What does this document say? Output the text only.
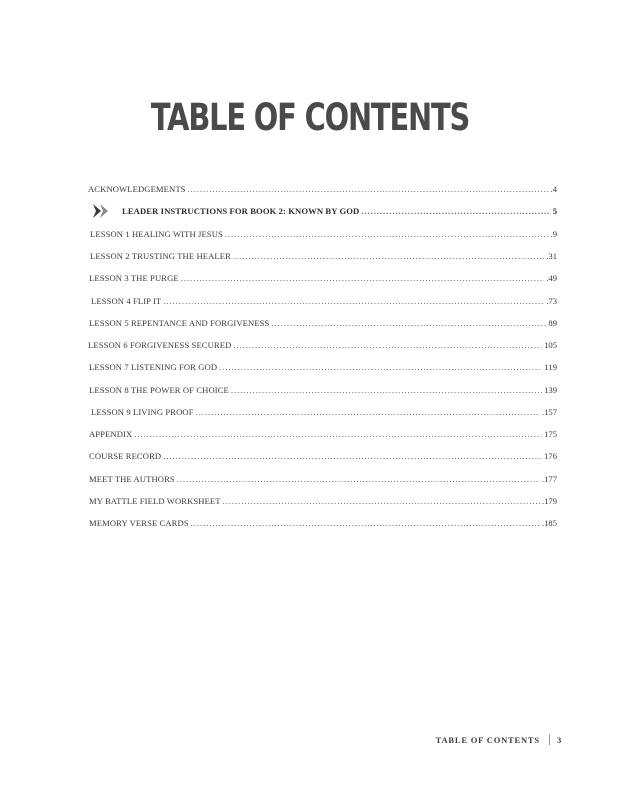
TABLE OF CONTENTS
ACKNOWLEDGEMENTS . . .	.4
LEADER INSTRUCTIONS FOR BOOK 2: KNOWN BY GOD . . .	5
LESSON 1 HEALING WITH JESUS . . .	.9
LESSON 2 TRUSTING THE HEALER . . .	.31
LESSON 3 THE PURGE . . .	.49
LESSON 4 FLIP IT . . .	.73
LESSON 5 REPENTANCE AND FORGIVENESS . . .	89
LESSON 6 FORGIVENESS SECURED . . .	105
LESSON 7 LISTENING FOR GOD . . .	119
LESSON 8 THE POWER OF CHOICE . . .	139
LESSON 9 LIVING PROOF . . .	.157
APPENDIX . . .	175
COURSE RECORD . . .	176
MEET THE AUTHORS . . .	.177
MY BATTLE FIELD WORKSHEET . . .	.179
MEMORY VERSE CARDS . . .	.185
TABLE OF CONTENTS 3
